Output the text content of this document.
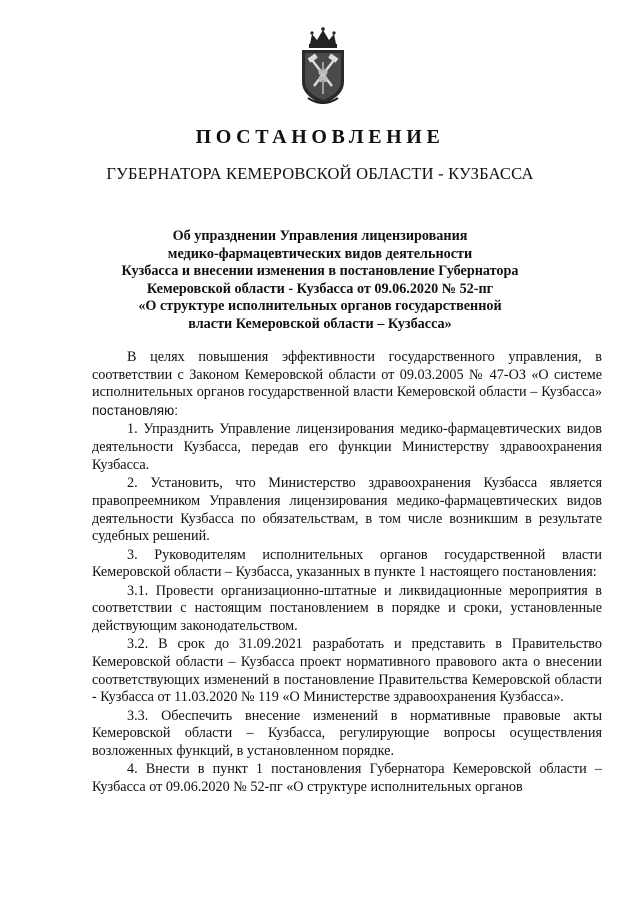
ПОСТАНОВЛЕНИЕ
ГУБЕРНАТОРА КЕМЕРОВСКОЙ ОБЛАСТИ - КУЗБАССА
Об упразднении Управления лицензирования
медико-фармацевтических видов деятельности
Кузбасса и внесении изменения в постановление Губернатора
Кемеровской области - Кузбасса от 09.06.2020 № 52-пг
«О структуре исполнительных органов государственной
власти Кемеровской области – Кузбасса»

В целях повышения эффективности государственного управления, в соответствии с Законом Кемеровской области от 09.03.2005 № 47-ОЗ «О системе исполнительных органов государственной власти Кемеровской области – Кузбасса» постановляю:

1. Упразднить Управление лицензирования медико-фармацевтических видов деятельности Кузбасса, передав его функции Министерству здравоохранения Кузбасса.

2. Установить, что Министерство здравоохранения Кузбасса является правопреемником Управления лицензирования медико-фармацевтических видов деятельности Кузбасса по обязательствам, в том числе возникшим в результате судебных решений.

3. Руководителям исполнительных органов государственной власти Кемеровской области – Кузбасса, указанных в пункте 1 настоящего постановления:

3.1. Провести организационно-штатные и ликвидационные мероприятия в соответствии с настоящим постановлением в порядке и сроки, установленные действующим законодательством.

3.2. В срок до 31.09.2021 разработать и представить в Правительство Кемеровской области – Кузбасса проект нормативного правового акта о внесении соответствующих изменений в постановление Правительства Кемеровской области - Кузбасса от 11.03.2020 № 119 «О Министерстве здравоохранения Кузбасса».

3.3. Обеспечить внесение изменений в нормативные правовые акты Кемеровской области – Кузбасса, регулирующие вопросы осуществления возложенных функций, в установленном порядке.

4. Внести в пункт 1 постановления Губернатора Кемеровской области – Кузбасса от 09.06.2020 № 52-пг «О структуре исполнительных органов
